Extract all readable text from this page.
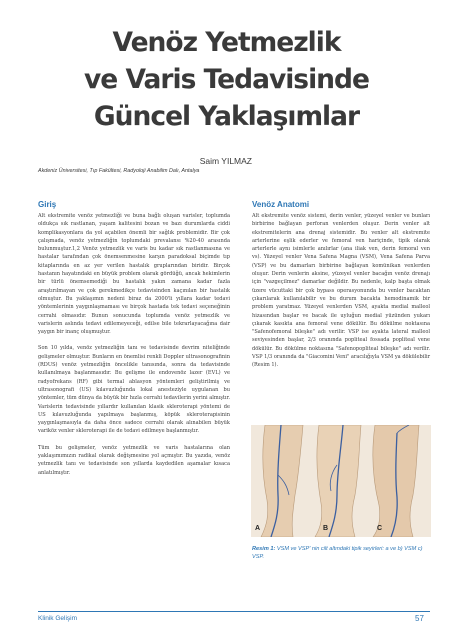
Venöz Yetmezlik
ve Varis Tedavisinde
Güncel Yaklaşımlar
Saim YILMAZ
Akdeniz Üniversitesi, Tıp Fakültesi, Radyoloji Anabilim Dalı, Antalya
Giriş

Alt ekstremite venöz yetmezliği ve buna bağlı oluşan varisler, toplumda oldukça sık rastlanan, yaşam kalitesini bozan ve bazı durumlarda ciddi komplikasyonlara da yol açabilen önemli bir sağlık problemidir. Bir çok çalışmada, venöz yetmezliğin toplumdaki prevalansı %20-40 arasında bulunmuştur.1,2 Venöz yetmezlik ve varis bu kadar sık rastlanmasına ve hastalar tarafından çok önemsenmesine karşın paradoksal biçimde tıp kitaplarında en az yer verilen hastalık gruplarından biridir. Birçok hastanın hayatındaki en büyük problem olarak gördüğü, ancak hekimlerin bir türlü önemsemediği bu hastalık yakın zamana kadar fazla araştırılmayan ve çok gerekmedikçe tedavisinden kaçınılan bir hastalık olmuştur. Bu yaklaşımın nedeni biraz da 2000'li yıllara kadar tedavi yöntemlerinin yaygınlaşmaması ve birçok hastada tek tedavi seçeneğinin cerrahi olmasıdır. Bunun sonucunda toplumda venöz yetmezlik ve varislerin aslında tedavi edilemeyeceği, edilse bile tekrarlayacağına dair yaygın bir inanç oluşmuştur.

Son 10 yılda, venöz yetmezliğin tanı ve tedavisinde devrim niteliğinde gelişmeler olmuştur. Bunların en önemlisi renkli Doppler ultrasonografinin (RDUS) venöz yetmezliğin öncelikle tanısında, sonra da tedavisinde kullanılmaya başlanmasıdır. Bu gelişme ile endovenöz lazer (EVL) ve radyofrekans (RF) gibi termal ablasyon yöntemleri geliştirilmiş ve ultrasonografi (US) kılavuzluğunda lokal anesteziyle uygulanan bu yöntemler, tüm dünya da büyük bir hızla cerrahi tedavilerin yerini almıştır. Varislerin tedavisinde yıllardır kullanılan klasik skleroterapi yöntemi de US kılavuzluğunda yapılmaya başlanmış, köpük skleroterapisinin yaygınlaşmasıyla da daha önce sadece cerrahi olarak alınabilen büyük variköz venler skleroterapi ile de tedavi edilmeye başlanmıştır.

Tüm bu gelişmeler, venöz yetmezlik ve varis hastalarına olan yaklaşımımızın radikal olarak değişmesine yol açmıştır. Bu yazıda, venöz yetmezlik tanı ve tedavisinde son yıllarda kaydedilen aşamalar kısaca anlatılmıştır.

Venöz Anatomi

Alt ekstremite venöz sistemi, derin venler, yüzeyel venler ve bunları birbirine bağlayan perforan venlerden oluşur. Derin venler alt ekstremitelerin ana drenaj sistemidir. Bu venler alt ekstremite arterlerine eşlik ederler ve femoral ven hariçinde, tipik olarak arterlerle aynı isimlerle anılırlar (ana iliak ven, derin femoral ven vs). Yüzeyel venler Vena Safena Magna (VSM), Vena Safena Parva (VSP) ve bu damarları birbirine bağlayan komünikan venlerden oluşur. Derin venlerin aksine, yüzeyel venler bacağın venöz drenajı için "vazgeçilmez" damarlar değildir. Bu nedenle, kalp başta olmak üzere vücuttaki bir çok bypass operasyonunda bu venler bacaktan çıkarılarak kullanılabilir ve bu durum bacakta hemodinamik bir problem yaratmaz. Yüzeyel venlerden VSM, ayakta medial malleol hizasından başlar ve bacak ile uyluğun medial yüzünden yukarı çıkarak kasıkta ana femoral vene dökülür. Bu dökülme noktasına "Safenofemoral bileşke" adı verilir. VSP ise ayakta lateral malleol seviyesinden başlar, 2/3 oranında popliteal fossada popliteal vene dökülür. Bu dökülme noktasına "Safenopopliteal bileşke" adı verilir. VSP 1/3 oranında da "Giacomini Veni" aracılığıyla VSM ya dökülebilir (Resim 1).

A	B	C
Resim 1: VSM ve VSP' nin cilt altındaki tipik seyirleri: a ve b) VSM c) VSP.
Klinik Gelişim	57
